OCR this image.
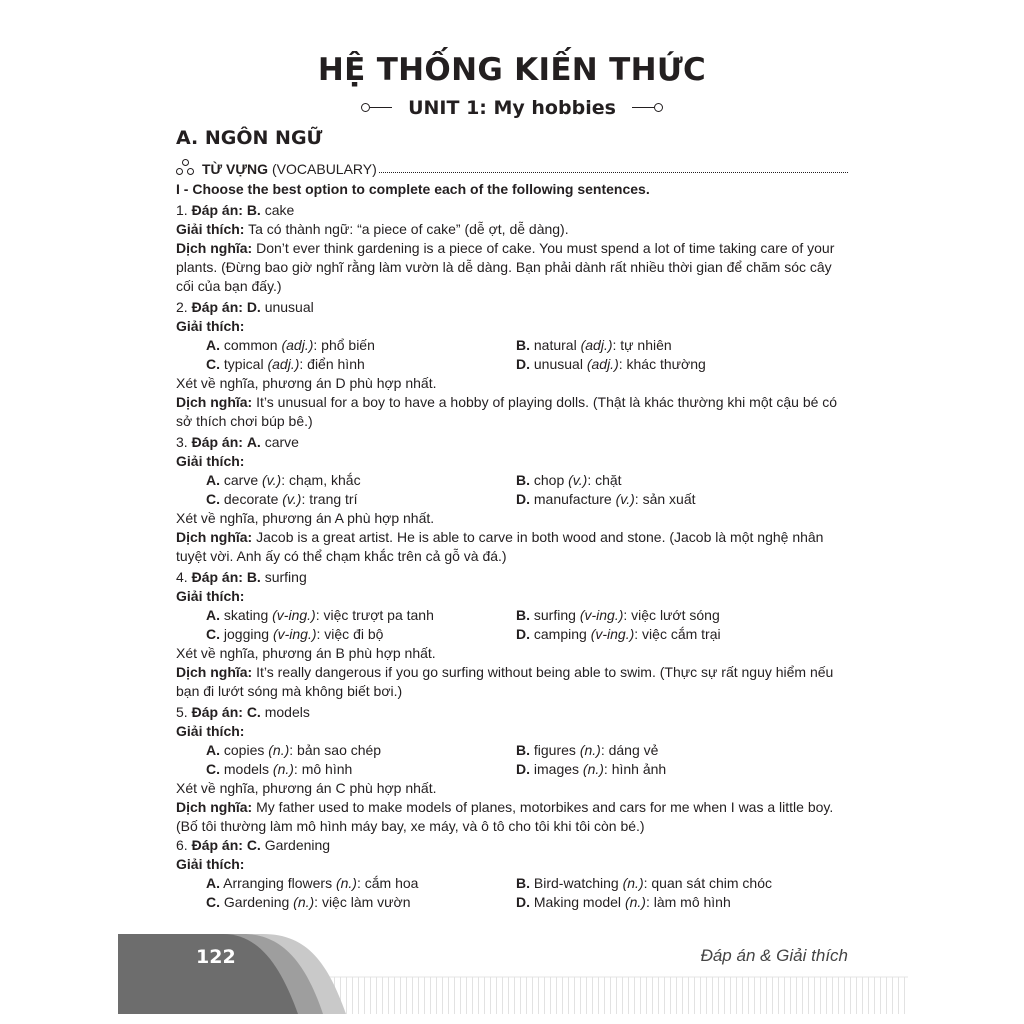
HỆ THỐNG KIẾN THỨC
UNIT 1: My hobbies
A. NGÔN NGỮ
TỪ VỰNG (VOCABULARY)

I - Choose the best option to complete each of the following sentences.

1. Đáp án: B. cake

Giải thích: Ta có thành ngữ: “a piece of cake” (dễ ợt, dễ dàng).

Dịch nghĩa: Don’t ever think gardening is a piece of cake. You must spend a lot of time taking care of your plants. (Đừng bao giờ nghĩ rằng làm vườn là dễ dàng. Bạn phải dành rất nhiều thời gian để chăm sóc cây cối của bạn đấy.)

2. Đáp án: D. unusual

Giải thích:

A. common (adj.): phổ biến	B. natural (adj.): tự nhiên
C. typical (adj.): điển hình	D. unusual (adj.): khác thường

Xét về nghĩa, phương án D phù hợp nhất.

Dịch nghĩa: It’s unusual for a boy to have a hobby of playing dolls. (Thật là khác thường khi một cậu bé có sở thích chơi búp bê.)

3. Đáp án: A. carve

Giải thích:

A. carve (v.): chạm, khắc	B. chop (v.): chặt
C. decorate (v.): trang trí	D. manufacture (v.): sản xuất

Xét về nghĩa, phương án A phù hợp nhất.

Dịch nghĩa: Jacob is a great artist. He is able to carve in both wood and stone. (Jacob là một nghệ nhân tuyệt vời. Anh ấy có thể chạm khắc trên cả gỗ và đá.)

4. Đáp án: B. surfing

Giải thích:

A. skating (v-ing.): việc trượt pa tanh	B. surfing (v-ing.): việc lướt sóng
C. jogging (v-ing.): việc đi bộ	D. camping (v-ing.): việc cắm trại

Xét về nghĩa, phương án B phù hợp nhất.

Dịch nghĩa: It’s really dangerous if you go surfing without being able to swim. (Thực sự rất nguy hiểm nếu bạn đi lướt sóng mà không biết bơi.)

5. Đáp án: C. models

Giải thích:

A. copies (n.): bản sao chép	B. figures (n.): dáng vẻ
C. models (n.): mô hình	D. images (n.): hình ảnh

Xét về nghĩa, phương án C phù hợp nhất.

Dịch nghĩa: My father used to make models of planes, motorbikes and cars for me when I was a little boy. (Bố tôi thường làm mô hình máy bay, xe máy, và ô tô cho tôi khi tôi còn bé.)

6. Đáp án: C. Gardening

Giải thích:

A. Arranging flowers (n.): cắm hoa	B. Bird-watching (n.): quan sát chim chóc
C. Gardening (n.): việc làm vườn	D. Making model (n.): làm mô hình
122	Đáp án & Giải thích
